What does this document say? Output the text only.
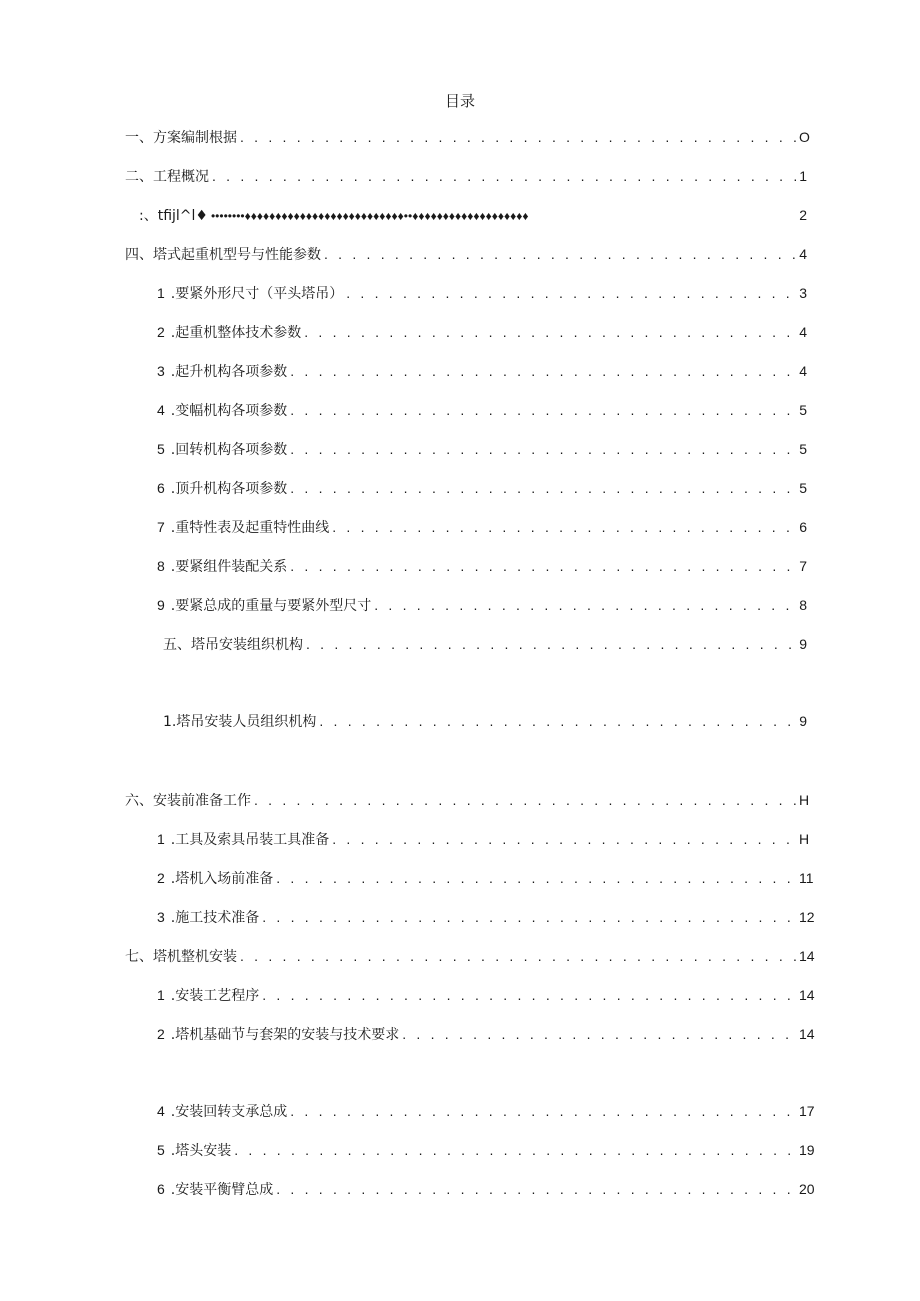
目录
一、方案编制根据 . . .	O
二、工程概况 . . .	1
:、tfijl^l♦ ••••••••♦♦♦♦♦♦♦♦♦♦♦♦♦♦♦♦♦♦♦♦♦♦♦♦♦♦••♦♦♦♦♦♦♦♦♦♦♦♦♦♦♦♦♦♦♦	2
四、塔式起重机型号与性能参数 . . .	4
1 .要紧外形尺寸（平头塔吊） . . .	3
2 .起重机整体技术参数 . . .	4
3 .起升机构各项参数 . . .	4
4 .变幅机构各项参数 . . .	5
5 .回转机构各项参数 . . .	5
6 .顶升机构各项参数 . . .	5
7 .重特性表及起重特性曲线 . . .	6
8 .要紧组件装配关系 . . .	7
9 .要紧总成的重量与要紧外型尺寸 . . .	8
五、塔吊安装组织机构 . . .	9
1.塔吊安装人员组织机构 . . .	9
六、安装前准备工作 . . .	H
1 .工具及索具吊装工具准备 . . .	H
2 .塔机入场前准备 . . .	11
3 .施工技术准备 . . .	12
七、塔机整机安装 . . .	14
1 .安装工艺程序 . . .	14
2 .塔机基础节与套架的安装与技术要求 . . .	14
4 .安装回转支承总成 . . .	17
5 .塔头安装 . . .	19
6 .安装平衡臂总成 . . .	20
